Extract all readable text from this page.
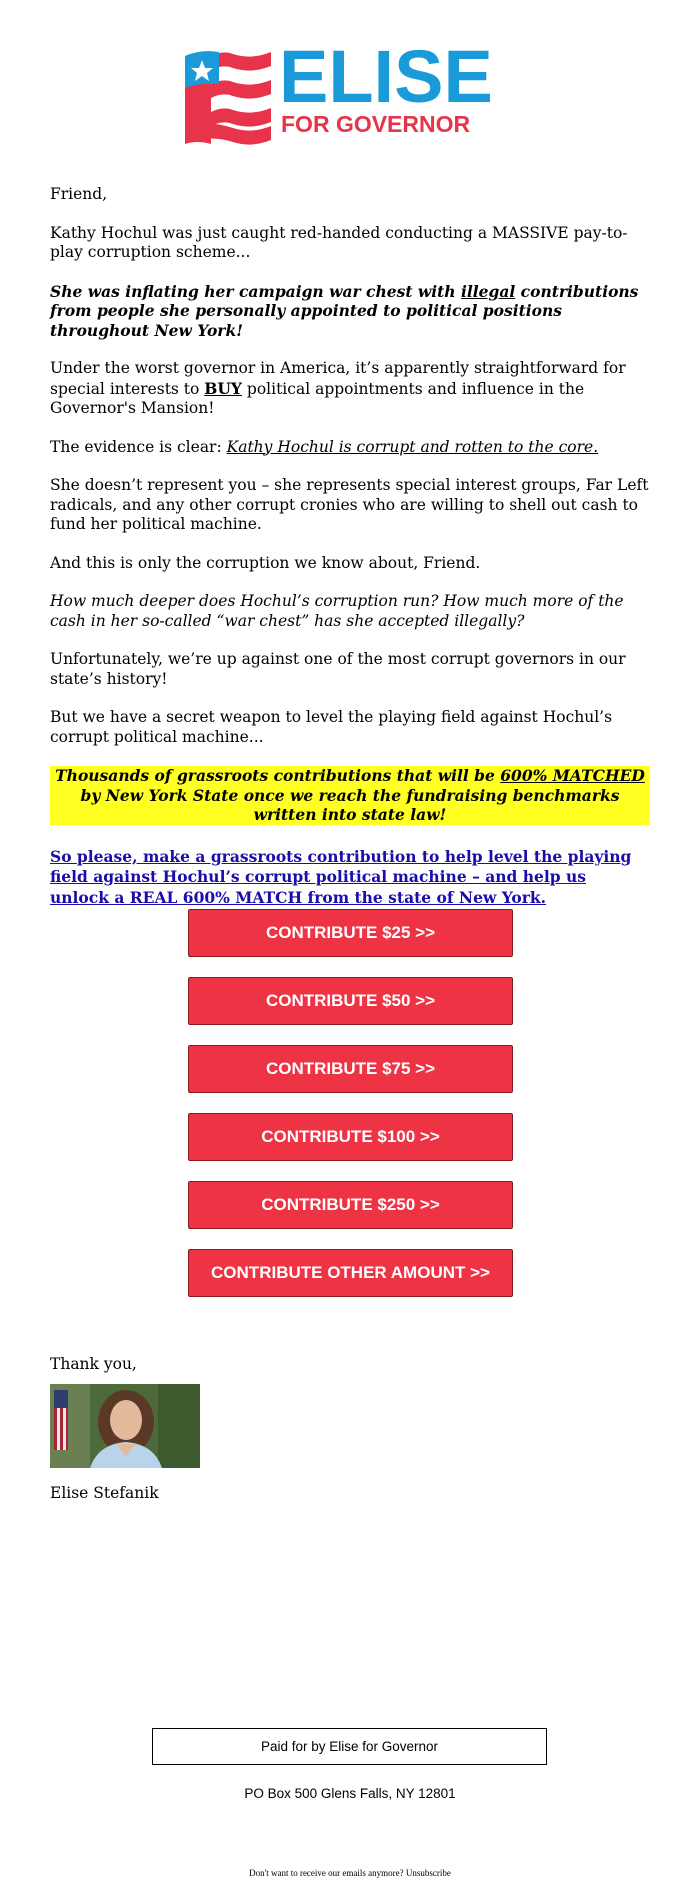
ELISE
FOR GOVERNOR

Friend,

Kathy Hochul was just caught red-handed conducting a MASSIVE pay-to-play corruption scheme...

She was inflating her campaign war chest with illegal contributions from people she personally appointed to political positions throughout New York!

Under the worst governor in America, it’s apparently straightforward for special interests to BUY political appointments and influence in the Governor's Mansion!

The evidence is clear: Kathy Hochul is corrupt and rotten to the core.

She doesn’t represent you – she represents special interest groups, Far Left radicals, and any other corrupt cronies who are willing to shell out cash to fund her political machine.

And this is only the corruption we know about, Friend.

How much deeper does Hochul’s corruption run? How much more of the cash in her so-called “war chest” has she accepted illegally?

Unfortunately, we’re up against one of the most corrupt governors in our state’s history!

But we have a secret weapon to level the playing field against Hochul’s corrupt political machine...

Thousands of grassroots contributions that will be 600% MATCHED by New York State once we reach the fundraising benchmarks written into state law!

So please, make a grassroots contribution to help level the playing field against Hochul’s corrupt political machine – and help us unlock a REAL 600% MATCH from the state of New York.

CONTRIBUTE $25 >>
CONTRIBUTE $50 >>
CONTRIBUTE $75 >>
CONTRIBUTE $100 >>
CONTRIBUTE $250 >>
CONTRIBUTE OTHER AMOUNT >>
Thank you,
Elise Stefanik
Paid for by Elise for Governor
PO Box 500 Glens Falls, NY 12801
Don't want to receive our emails anymore? Unsubscribe
